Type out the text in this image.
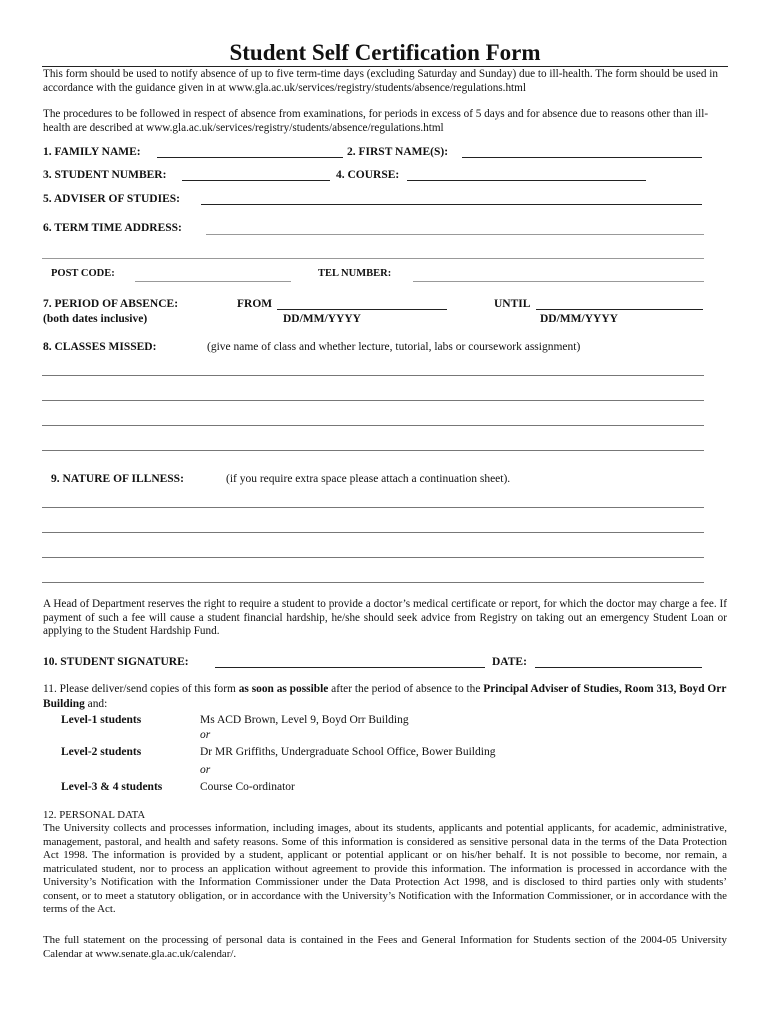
Student Self Certification Form
This form should be used to notify absence of up to five term-time days (excluding Saturday and Sunday) due to ill-health. The form should be used in accordance with the guidance given in at www.gla.ac.uk/services/registry/students/absence/regulations.html
The procedures to be followed in respect of absence from examinations, for periods in excess of 5 days and for absence due to reasons other than ill-health are described at www.gla.ac.uk/services/registry/students/absence/regulations.html
1. FAMILY NAME:	2. FIRST NAME(S):
3. STUDENT NUMBER:	4. COURSE:
5. ADVISER OF STUDIES:
6. TERM TIME ADDRESS:
POST CODE:	TEL NUMBER:
7. PERIOD OF ABSENCE:
(both dates inclusive)
FROM
DD/MM/YYYY
UNTIL
DD/MM/YYYY
8. CLASSES MISSED:	(give name of class and whether lecture, tutorial, labs or coursework assignment)
9. NATURE OF ILLNESS:	(if you require extra space please attach a continuation sheet).
A Head of Department reserves the right to require a student to provide a doctor’s medical certificate or report, for which the doctor may charge a fee. If payment of such a fee will cause a student financial hardship, he/she should seek advice from Registry on taking out an emergency Student Loan or applying to the Student Hardship Fund.
10. STUDENT SIGNATURE:	DATE:
11. Please deliver/send copies of this form as soon as possible after the period of absence to the Principal Adviser of Studies, Room 313, Boyd Orr Building and:
Level-1 students	Ms ACD Brown, Level 9, Boyd Orr Building
or
Level-2 students	Dr MR Griffiths, Undergraduate School Office, Bower Building
or
Level-3 & 4 students	Course Co-ordinator
12. PERSONAL DATA
The University collects and processes information, including images, about its students, applicants and potential applicants, for academic, administrative, management, pastoral, and health and safety reasons. Some of this information is considered as sensitive personal data in the terms of the Data Protection Act 1998. The information is provided by a student, applicant or potential applicant or on his/her behalf. It is not possible to become, nor remain, a matriculated student, nor to process an application without agreement to provide this information. The information is processed in accordance with the University’s Notification with the Information Commissioner under the Data Protection Act 1998, and is disclosed to third parties only with students’ consent, or to meet a statutory obligation, or in accordance with the University’s Notification with the Information Commissioner, or in accordance with the terms of the Act.
The full statement on the processing of personal data is contained in the Fees and General Information for Students section of the 2004-05 University Calendar at www.senate.gla.ac.uk/calendar/.
